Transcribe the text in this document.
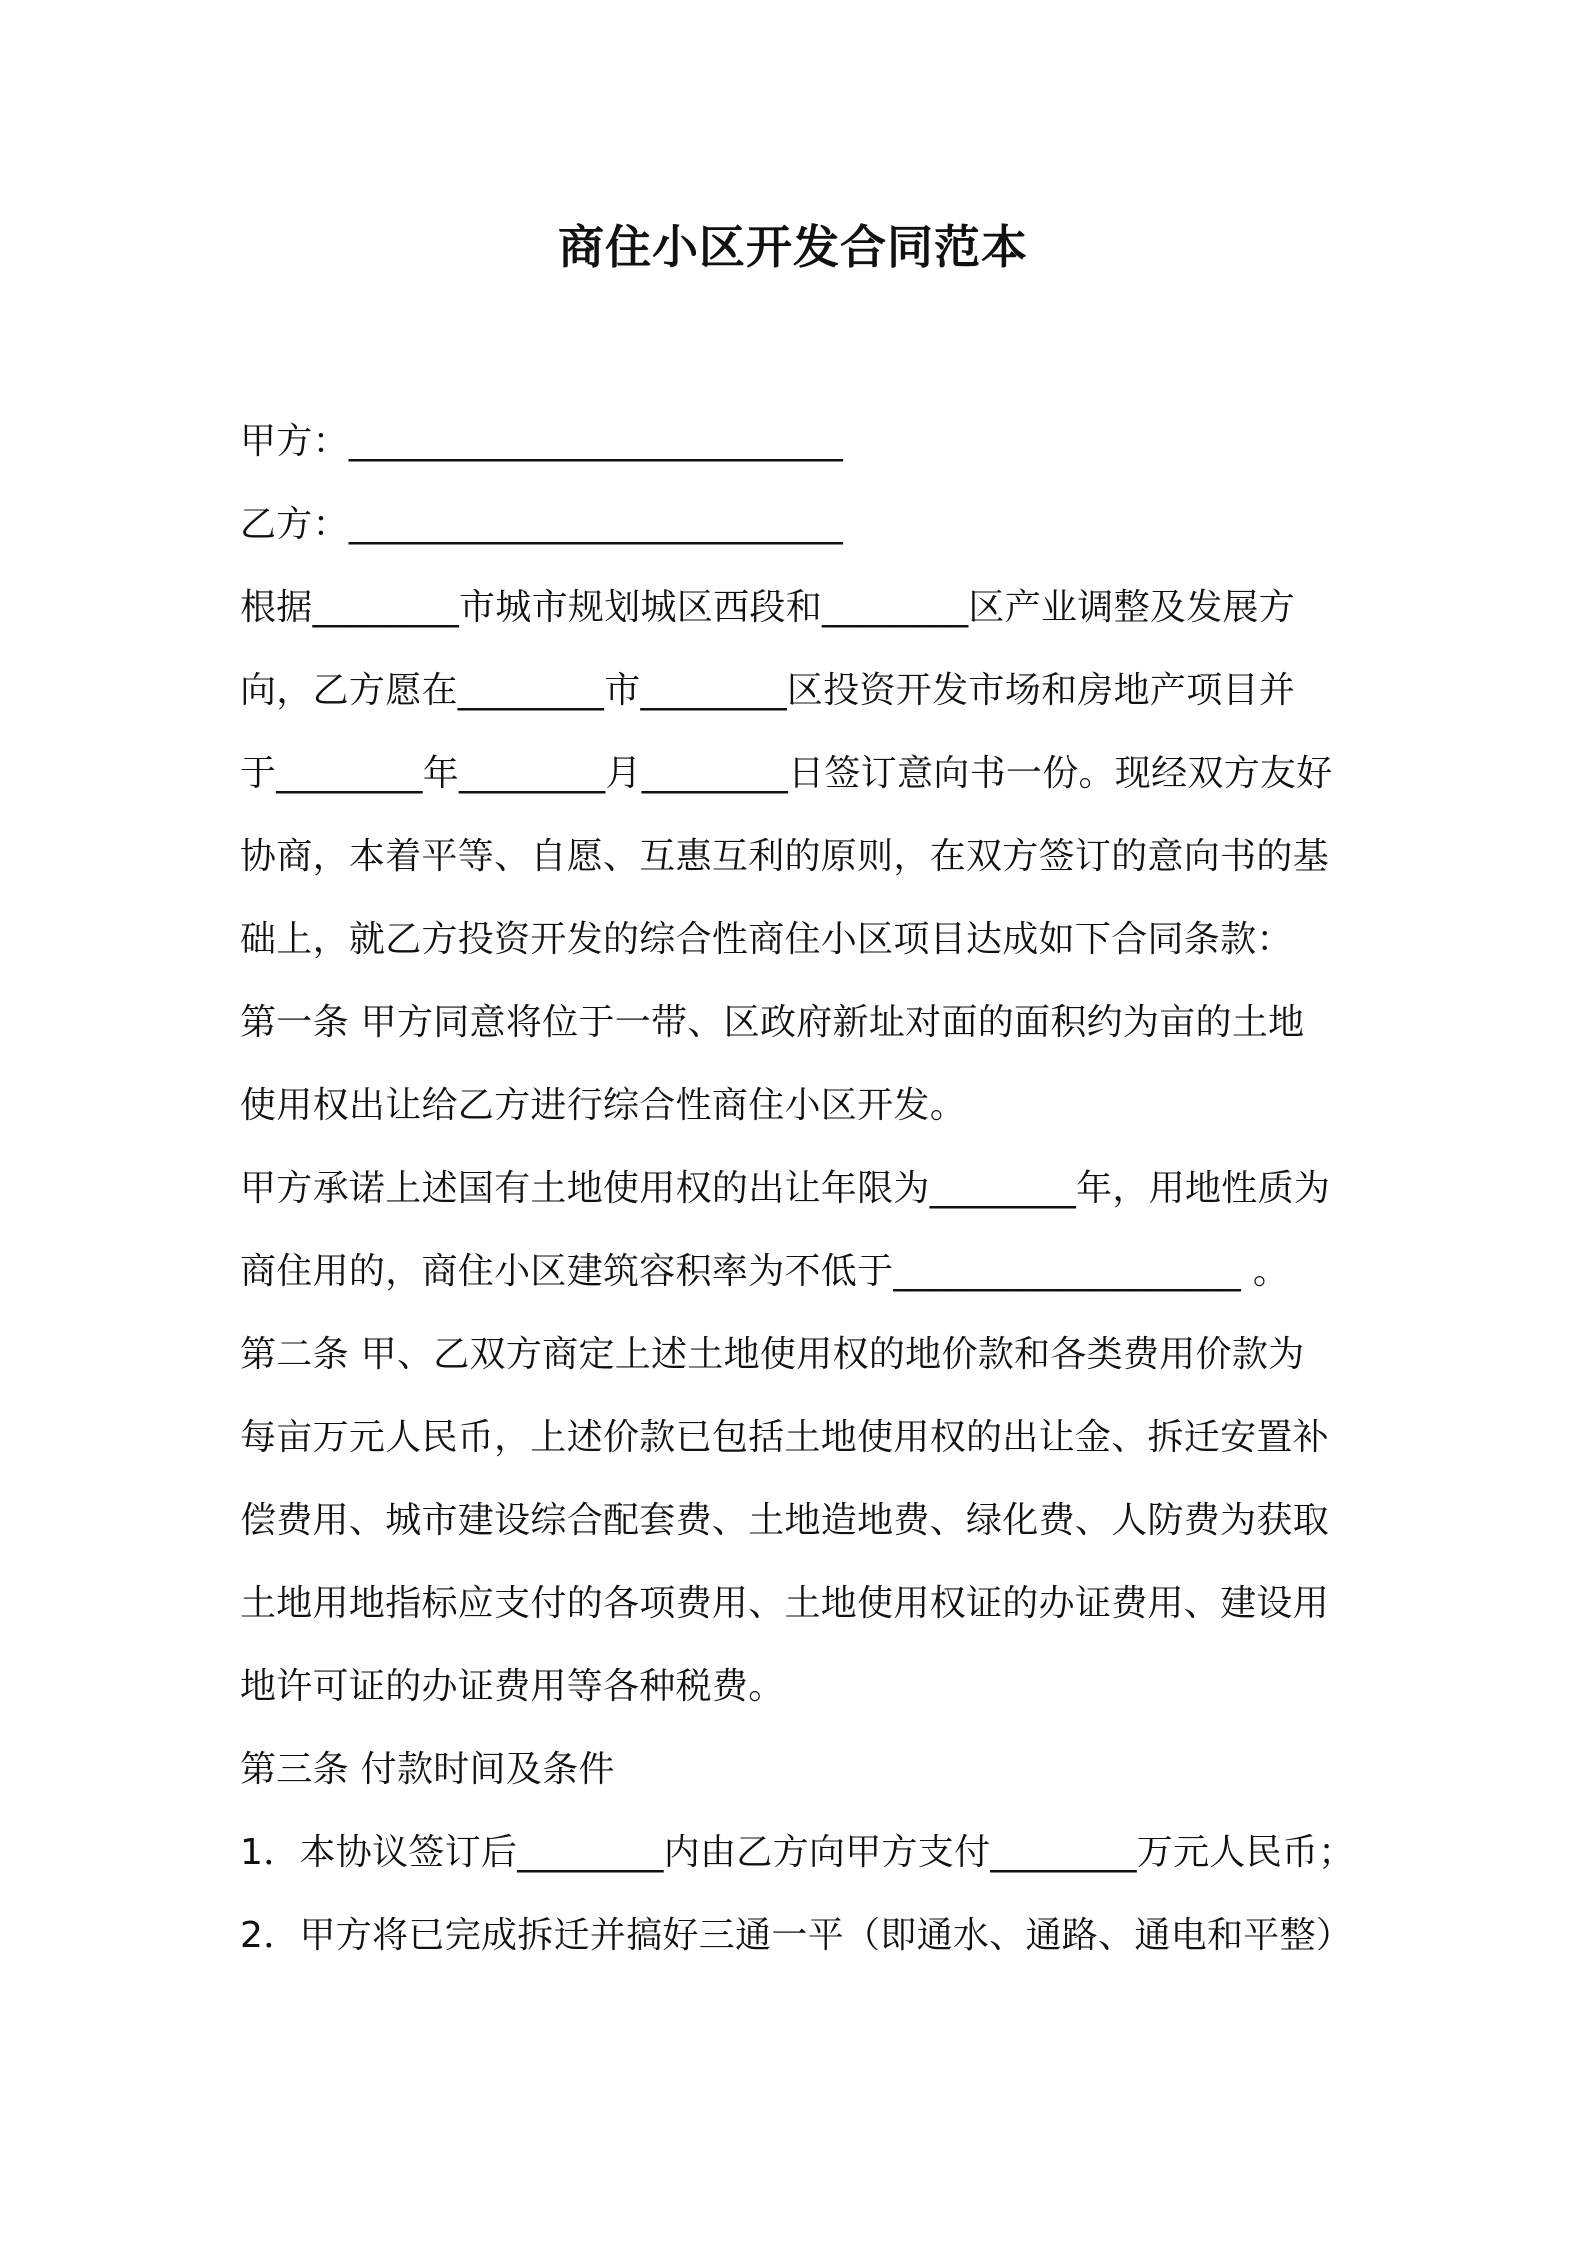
商住小区开发合同范本
甲方：___________________________
乙方：___________________________
根据________市城市规划城区西段和________区产业调整及发展方
向，乙方愿在________市________区投资开发市场和房地产项目并
于________年________月________日签订意向书一份。现经双方友好
协商，本着平等、自愿、互惠互利的原则，在双方签订的意向书的基
础上，就乙方投资开发的综合性商住小区项目达成如下合同条款：
第一条 甲方同意将位于一带、区政府新址对面的面积约为亩的土地
使用权出让给乙方进行综合性商住小区开发。
甲方承诺上述国有土地使用权的出让年限为________年，用地性质为
商住用的，商住小区建筑容积率为不低于___________________ 。
第二条 甲、乙双方商定上述土地使用权的地价款和各类费用价款为
每亩万元人民币，上述价款已包括土地使用权的出让金、拆迁安置补
偿费用、城市建设综合配套费、土地造地费、绿化费、人防费为获取
土地用地指标应支付的各项费用、土地使用权证的办证费用、建设用
地许可证的办证费用等各种税费。
第三条 付款时间及条件
1．本协议签订后________内由乙方向甲方支付________万元人民币；
2．甲方将已完成拆迁并搞好三通一平（即通水、通路、通电和平整）
